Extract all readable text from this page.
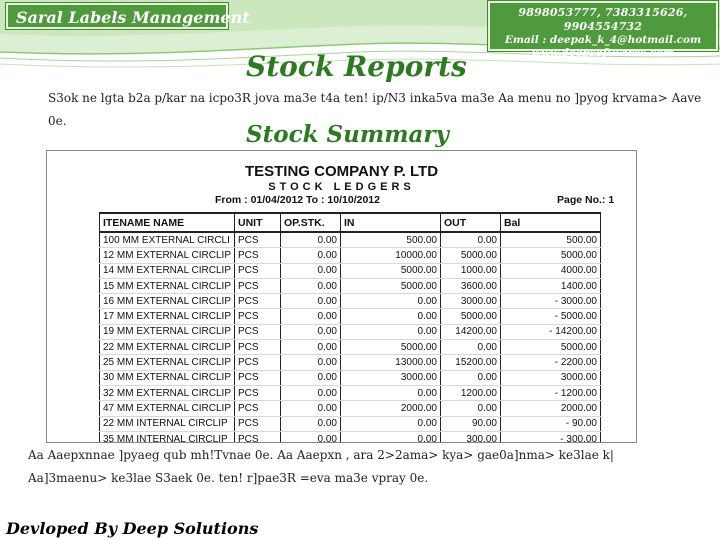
Saral Labels Management	9898053777, 7383315626, 9904554732
Email : deepak_k_4@hotmail.com
www.deepsoftwares.com
Stock Reports
S3ok ne lgta b2a p/kar na icpo3R jova ma3e t4a ten! ip/N3 inka5va ma3e Aa menu no ]pyog krvama> Aave 0e.	Stock Summary
TESTING COMPANY P. LTD
STOCK LEDGERS
From : 01/04/2012 To : 10/10/2012	Page No.: 1
ITENAME NAME	UNIT	OP.STK.	IN	OUT	Bal
100 MM EXTERNAL CIRCLI	PCS	0.00	500.00	0.00	500.00
12 MM EXTERNAL CIRCLIP	PCS	0.00	10000.00	5000.00	5000.00
14 MM EXTERNAL CIRCLIP	PCS	0.00	5000.00	1000.00	4000.00
15 MM EXTERNAL CIRCLIP	PCS	0.00	5000.00	3600.00	1400.00
16 MM EXTERNAL CIRCLIP	PCS	0.00	0.00	3000.00	- 3000.00
17 MM EXTERNAL CIRCLIP	PCS	0.00	0.00	5000.00	- 5000.00
19 MM EXTERNAL CIRCLIP	PCS	0.00	0.00	14200.00	- 14200.00
22 MM EXTERNAL CIRCLIP	PCS	0.00	5000.00	0.00	5000.00
25 MM EXTERNAL CIRCLIP	PCS	0.00	13000.00	15200.00	- 2200.00
30 MM EXTERNAL CIRCLIP	PCS	0.00	3000.00	0.00	3000.00
32 MM EXTERNAL CIRCLIP	PCS	0.00	0.00	1200.00	- 1200.00
47 MM EXTERNAL CIRCLIP	PCS	0.00	2000.00	0.00	2000.00
22 MM INTERNAL CIRCLIP	PCS	0.00	0.00	90.00	- 90.00
35 MM INTERNAL CIRCLIP	PCS	0.00	0.00	300.00	- 300.00

Aa Aaepxnnae ]pyaeg qub mh!Tvnae 0e. Aa Aaepxn , ara 2>2ama> kya> gae0a]nma> ke3lae k| Aa]3maenu> ke3lae S3aek 0e. ten! r]pae3R =eva ma3e vpray 0e.
Devloped By Deep Solutions
